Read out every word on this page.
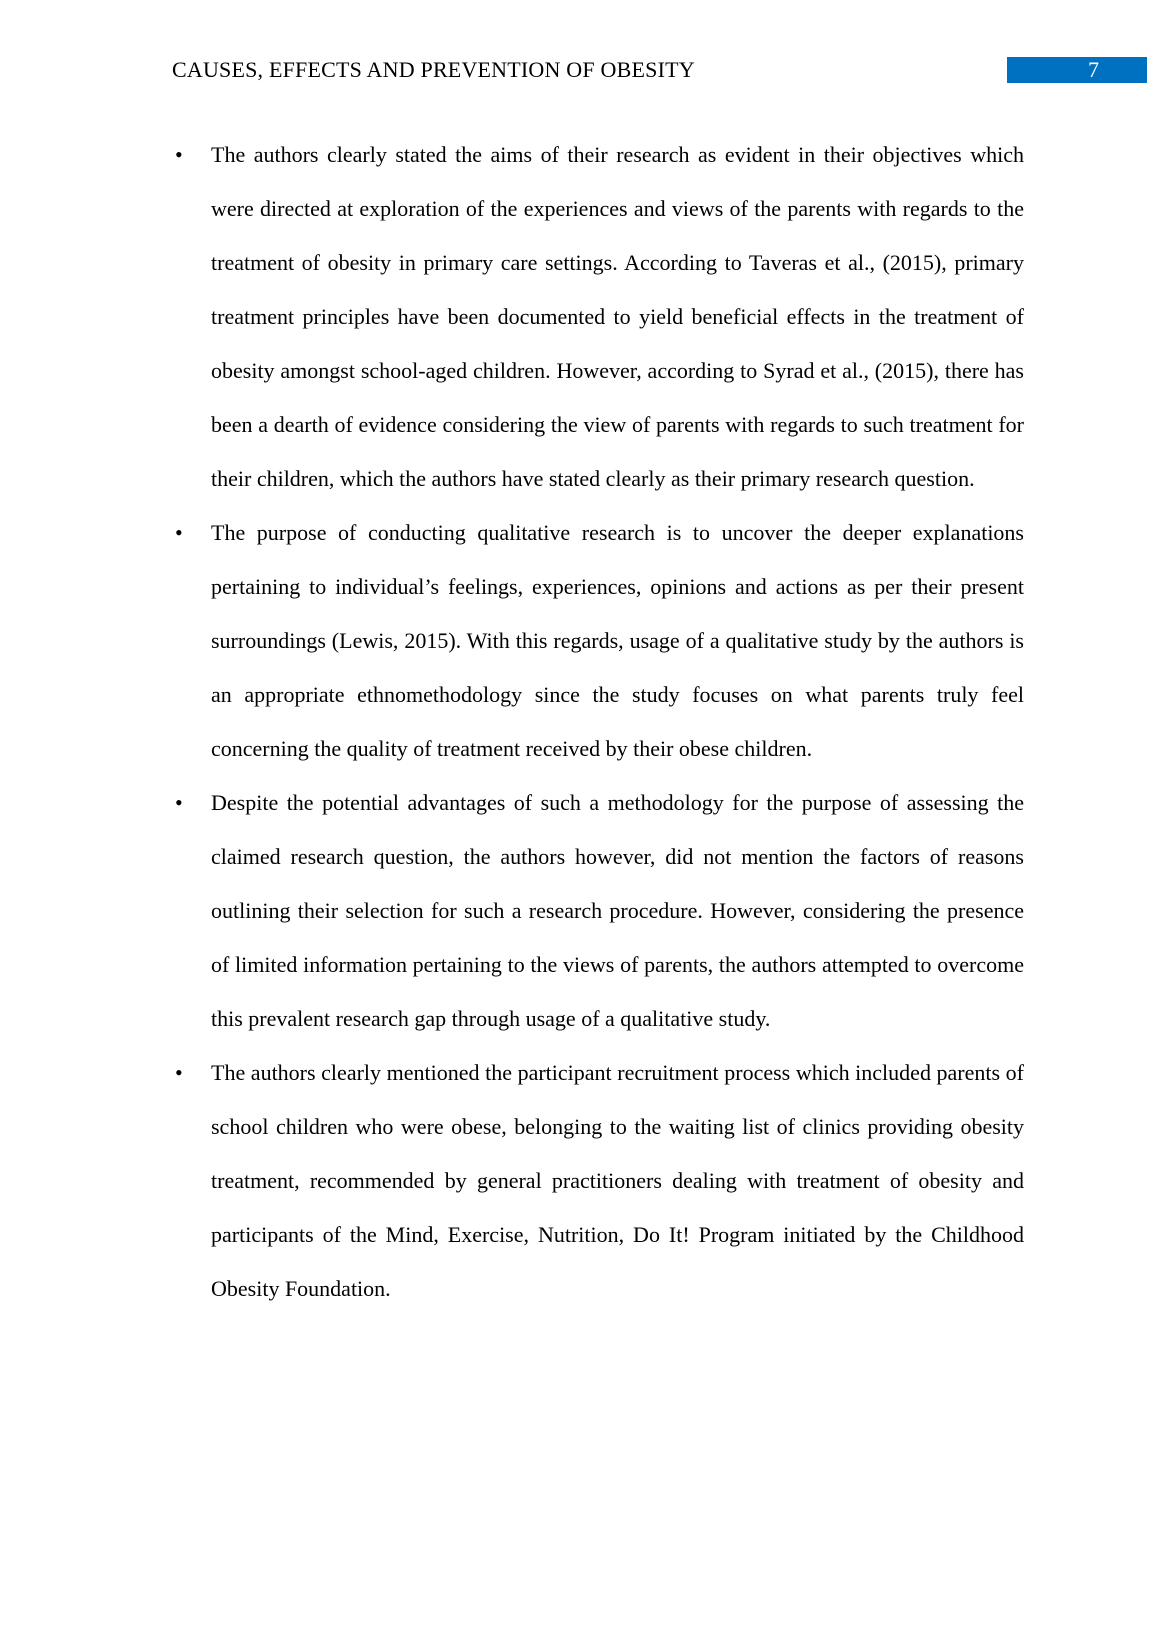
CAUSES, EFFECTS AND PREVENTION OF OBESITY	7
• The authors clearly stated the aims of their research as evident in their objectives which were directed at exploration of the experiences and views of the parents with regards to the treatment of obesity in primary care settings. According to Taveras et al., (2015), primary treatment principles have been documented to yield beneficial effects in the treatment of obesity amongst school-aged children. However, according to Syrad et al., (2015), there has been a dearth of evidence considering the view of parents with regards to such treatment for their children, which the authors have stated clearly as their primary research question.

• The purpose of conducting qualitative research is to uncover the deeper explanations pertaining to individual’s feelings, experiences, opinions and actions as per their present surroundings (Lewis, 2015). With this regards, usage of a qualitative study by the authors is an appropriate ethnomethodology since the study focuses on what parents truly feel concerning the quality of treatment received by their obese children.

• Despite the potential advantages of such a methodology for the purpose of assessing the claimed research question, the authors however, did not mention the factors of reasons outlining their selection for such a research procedure. However, considering the presence of limited information pertaining to the views of parents, the authors attempted to overcome this prevalent research gap through usage of a qualitative study.

• The authors clearly mentioned the participant recruitment process which included parents of school children who were obese, belonging to the waiting list of clinics providing obesity treatment, recommended by general practitioners dealing with treatment of obesity and participants of the Mind, Exercise, Nutrition, Do It! Program initiated by the Childhood Obesity Foundation.
